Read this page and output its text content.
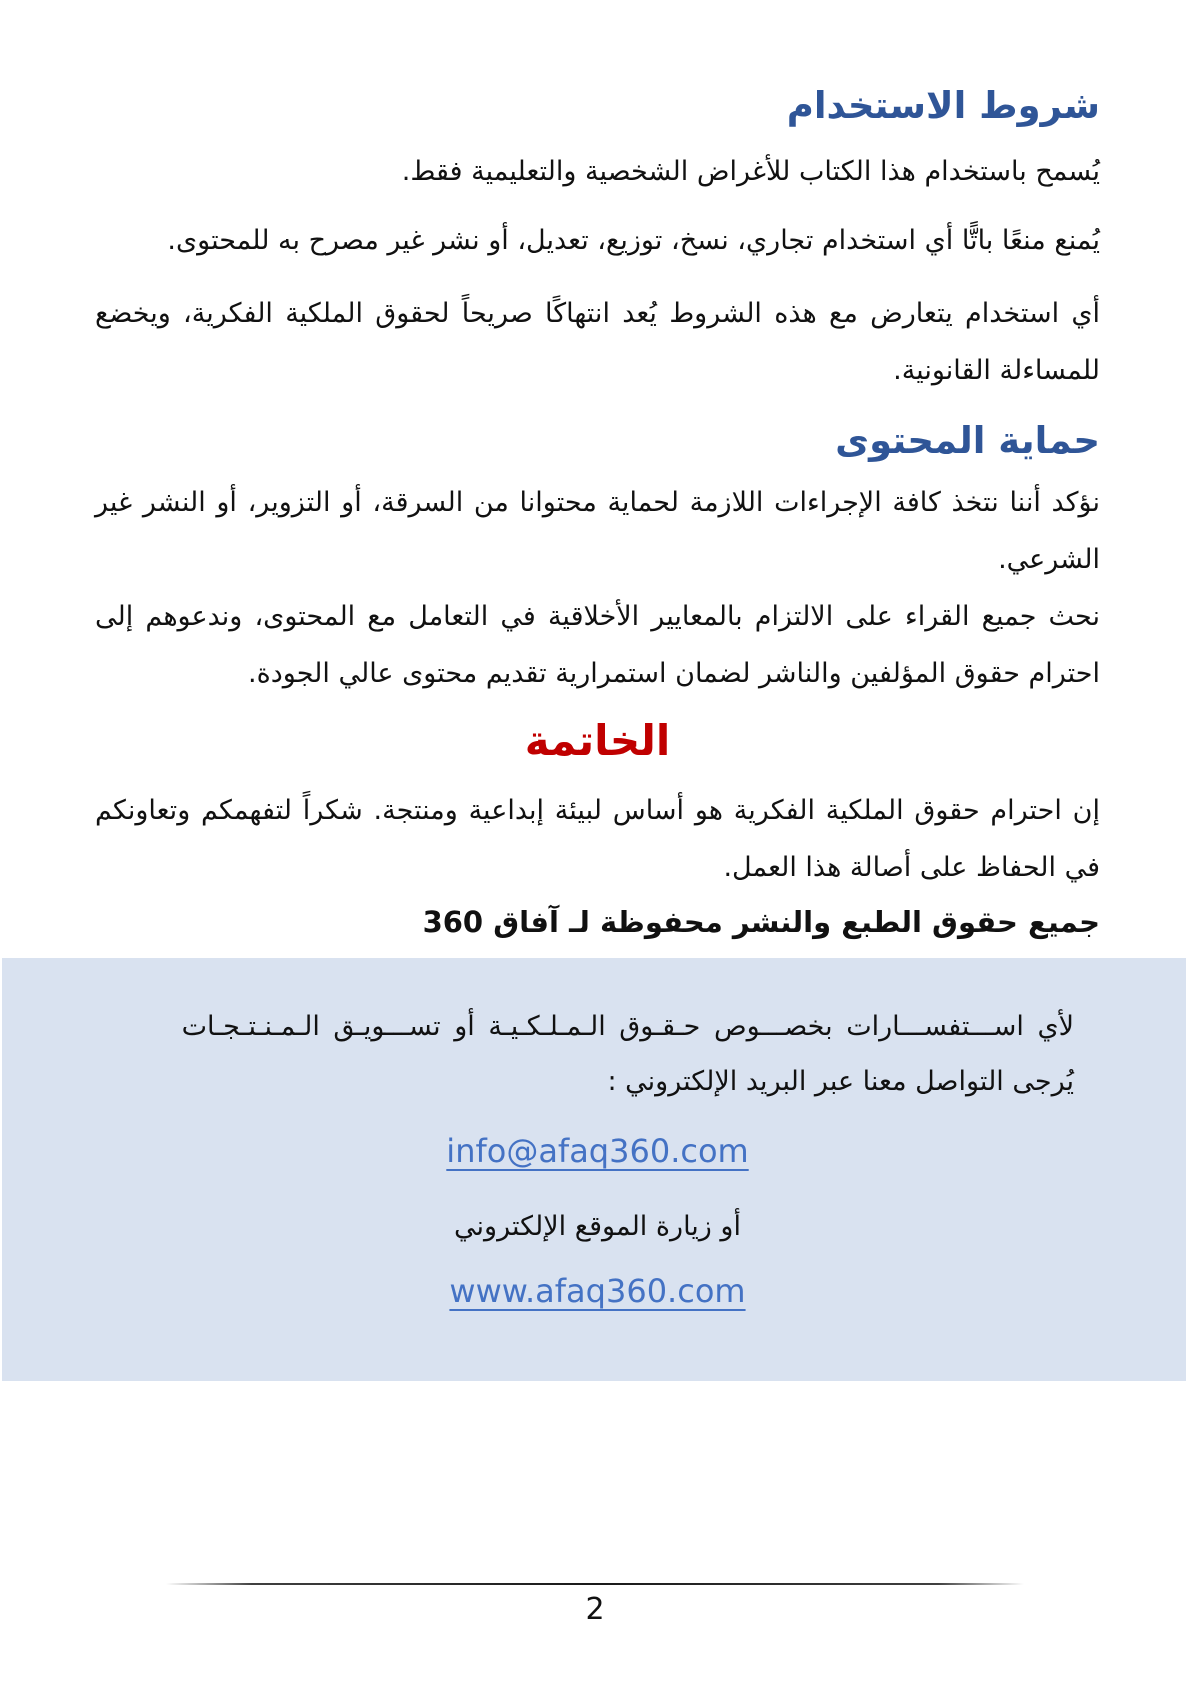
شروط الاستخدام

يُسمح باستخدام هذا الكتاب للأغراض الشخصية والتعليمية فقط.

يُمنع منعًا باتًّا أي استخدام تجاري، نسخ، توزيع، تعديل، أو نشر غير مصرح به للمحتوى.

أي استخدام يتعارض مع هذه الشروط يُعد انتهاكًا صريحاً لحقوق الملكية الفكرية، ويخضع للمساءلة القانونية.

حماية المحتوى

نؤكد أننا نتخذ كافة الإجراءات اللازمة لحماية محتوانا من السرقة، أو التزوير، أو النشر غير الشرعي.

نحث جميع القراء على الالتزام بالمعايير الأخلاقية في التعامل مع المحتوى، وندعوهم إلى احترام حقوق المؤلفين والناشر لضمان استمرارية تقديم محتوى عالي الجودة.

الخاتمة

إن احترام حقوق الملكية الفكرية هو أساس لبيئة إبداعية ومنتجة. شكراً لتفهمكم وتعاونكم في الحفاظ على أصالة هذا العمل.

جميع حقوق الطبع والنشر محفوظة لـ آفاق 360

لأي اســـتفســـارات بخصـــوص حـقـوق الـمـلـكـيـة أو تســـويـق الـمـنـتـجـات

يُرجى التواصل معنا عبر البريد الإلكتروني :

info@afaq360.com

أو زيارة الموقع الإلكتروني

www.afaq360.com

2
